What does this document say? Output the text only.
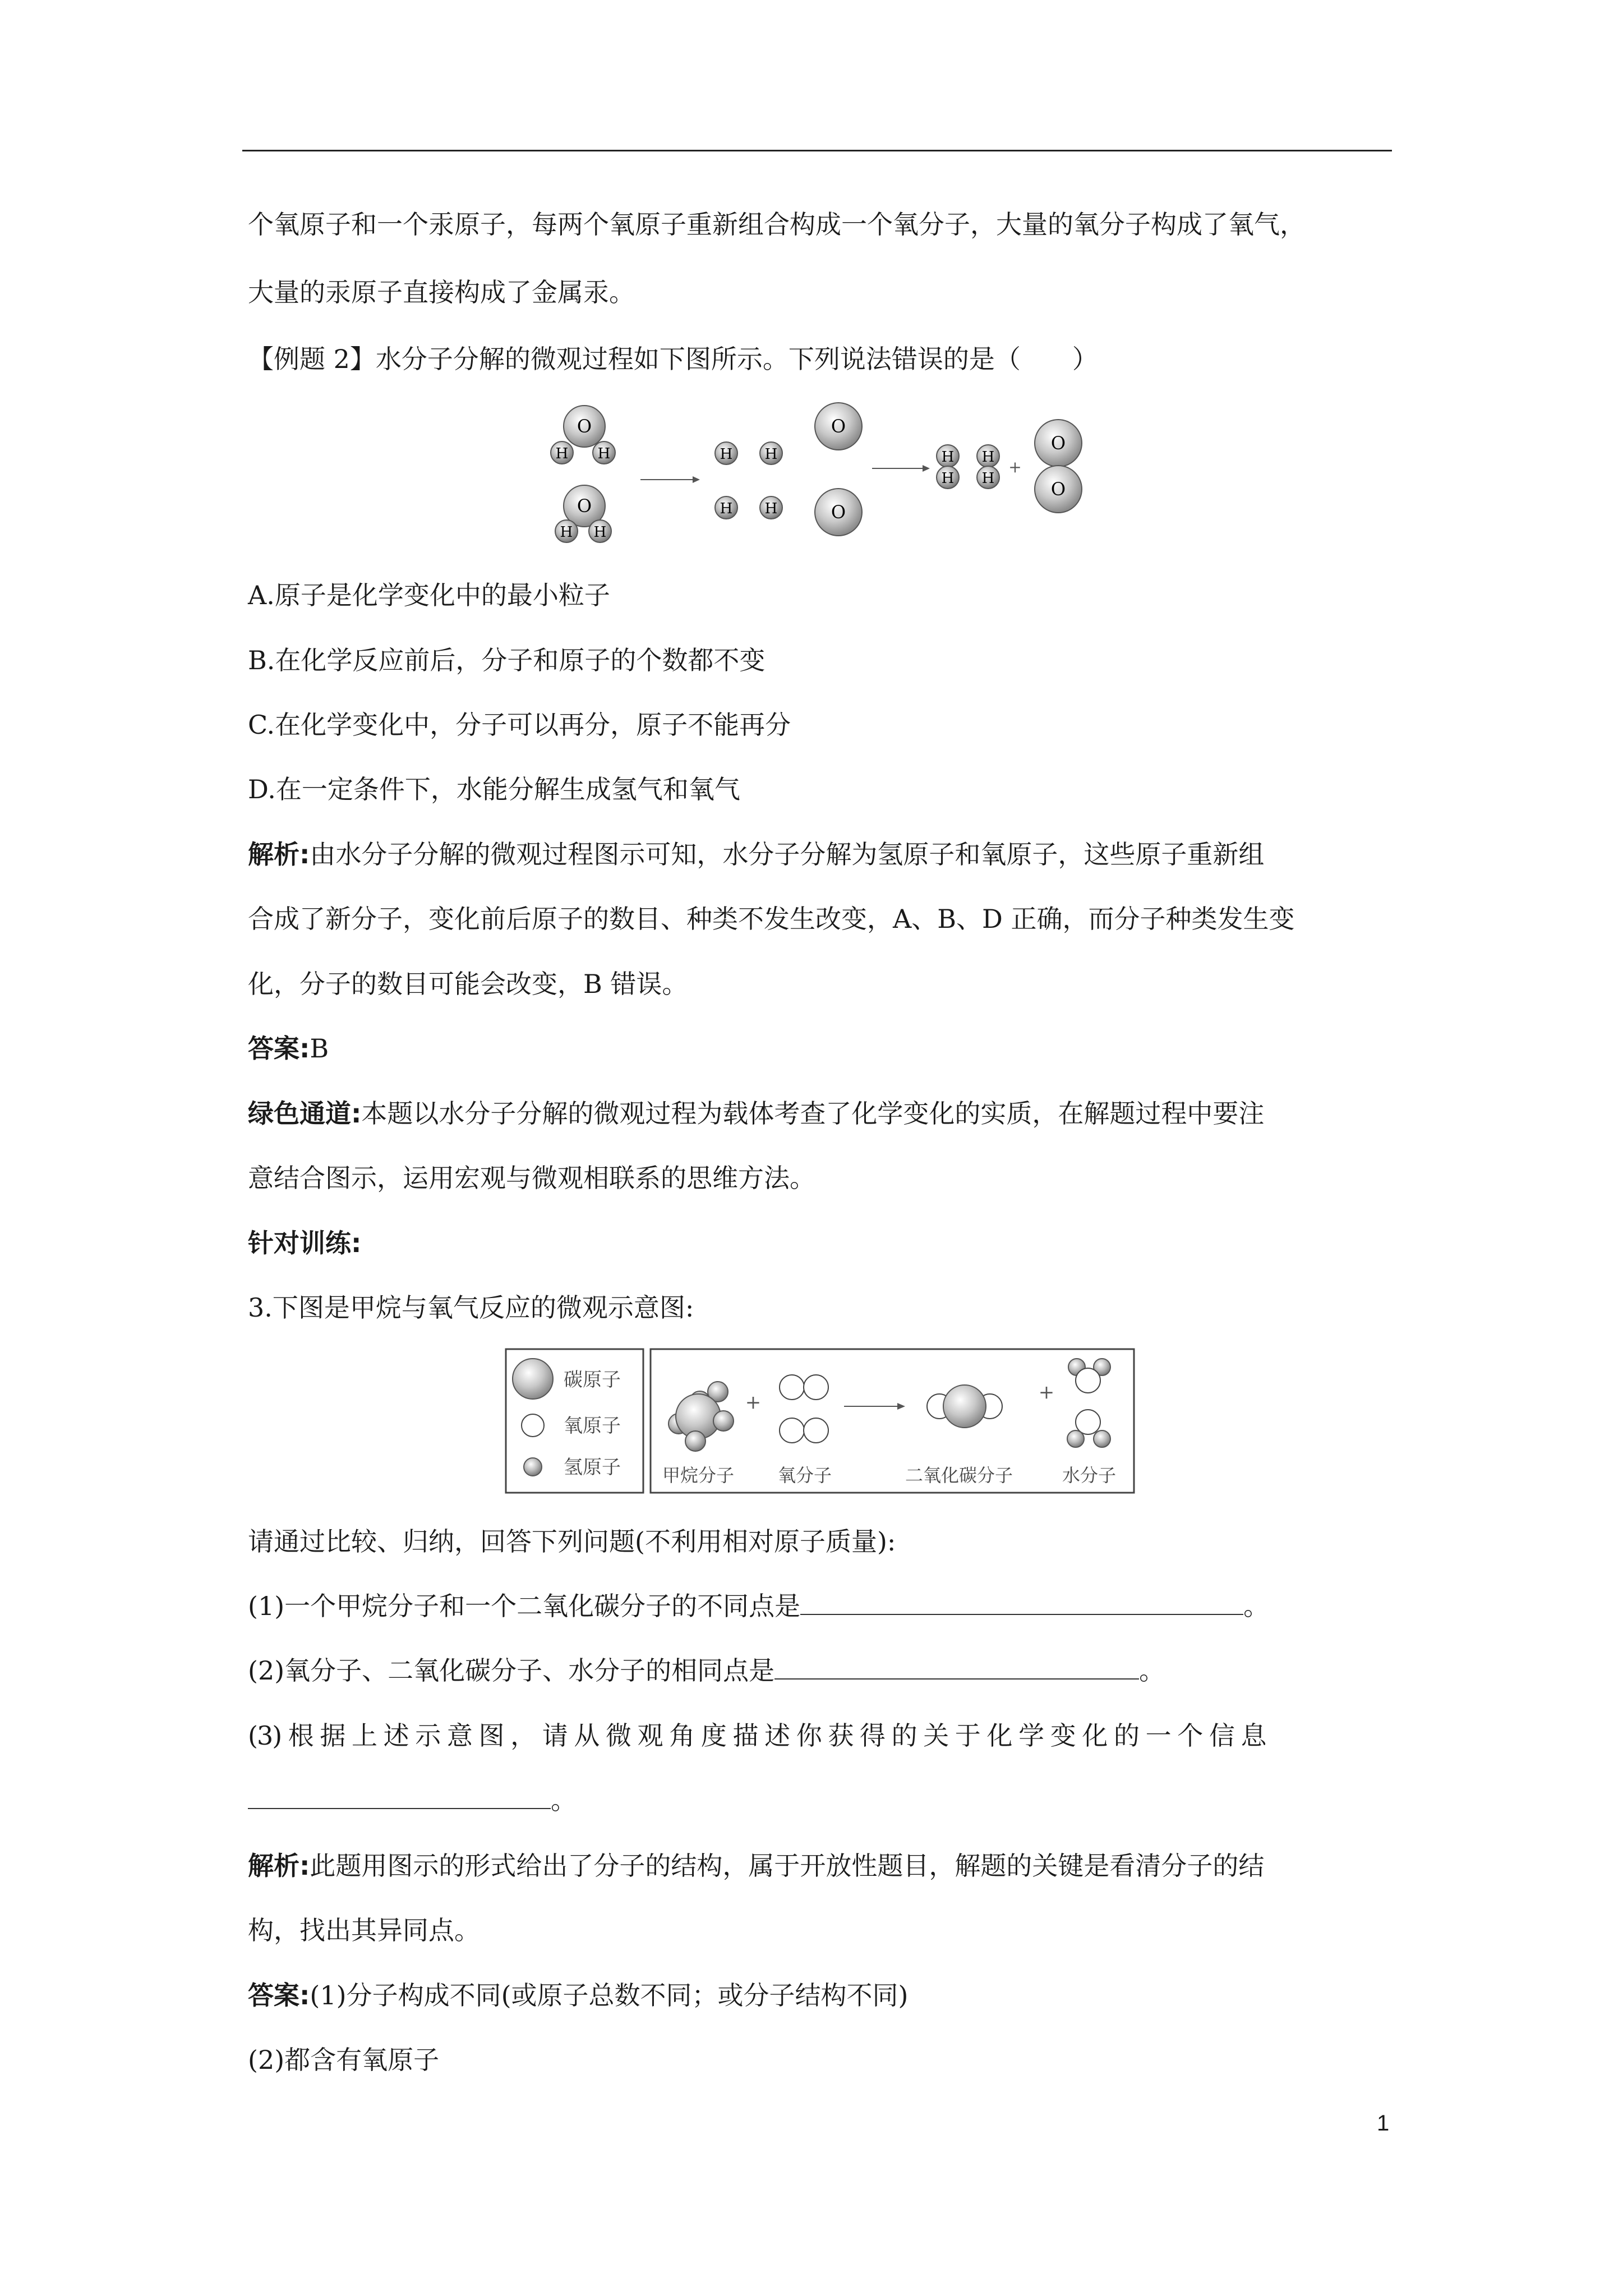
个氧原子和一个汞原子，每两个氧原子重新组合构成一个氧分子，大量的氧分子构成了氧气，
大量的汞原子直接构成了金属汞。
【例题 2】水分子分解的微观过程如下图所示。下列说法错误的是（　　）
O
H H
O
H H
H H
H H
O
O
H
H
H
H
+
O
O
A.原子是化学变化中的最小粒子
B.在化学反应前后，分子和原子的个数都不变
C.在化学变化中，分子可以再分，原子不能再分
D.在一定条件下，水能分解生成氢气和氧气
解析:由水分子分解的微观过程图示可知，水分子分解为氢原子和氧原子，这些原子重新组
合成了新分子，变化前后原子的数目、种类不发生改变，A、B、D 正确，而分子种类发生变
化，分子的数目可能会改变，B 错误。
答案:B
绿色通道:本题以水分子分解的微观过程为载体考查了化学变化的实质，在解题过程中要注
意结合图示，运用宏观与微观相联系的思维方法。
针对训练:
3.下图是甲烷与氧气反应的微观示意图:
碳原子
氧原子
氢原子
+	+
甲烷分子 氧分子	二氧化碳分子	水分子
请通过比较、归纳，回答下列问题(不利用相对原子质量):
(1)一个甲烷分子和一个二氧化碳分子的不同点是	。
(2)氧分子、二氧化碳分子、水分子的相同点是	。
(3) 根 据 上 述 示 意 图 ， 请 从 微 观 角 度 描 述 你 获 得 的 关 于 化 学 变 化 的 一 个 信 息
。
解析:此题用图示的形式给出了分子的结构，属于开放性题目，解题的关键是看清分子的结
构，找出其异同点。
答案:(1)分子构成不同(或原子总数不同；或分子结构不同)
(2)都含有氧原子
1
